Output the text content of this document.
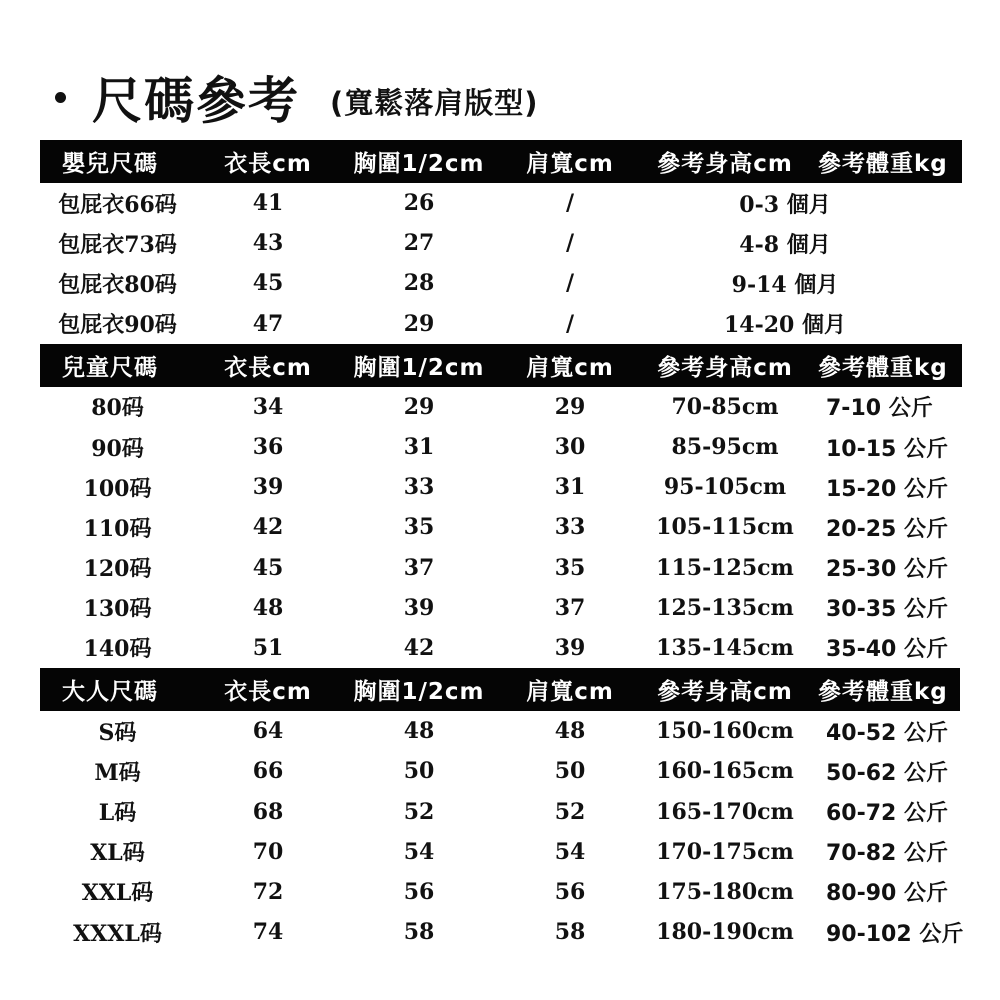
尺碼參考 (寬鬆落肩版型)
嬰兒尺碼	衣長cm	胸圍1/2cm	肩寬cm	參考身高cm	參考體重kg
包屁衣66码	41	26	/	0-3 個月
包屁衣73码	43	27	/	4-8 個月
包屁衣80码	45	28	/	9-14 個月
包屁衣90码	47	29	/	14-20 個月
兒童尺碼	衣長cm	胸圍1/2cm	肩寬cm	參考身高cm	參考體重kg
80码	34	29	29	70-85cm	7-10 公斤
90码	36	31	30	85-95cm	10-15 公斤
100码	39	33	31	95-105cm	15-20 公斤
110码	42	35	33	105-115cm	20-25 公斤
120码	45	37	35	115-125cm	25-30 公斤
130码	48	39	37	125-135cm	30-35 公斤
140码	51	42	39	135-145cm	35-40 公斤
大人尺碼	衣長cm	胸圍1/2cm	肩寬cm	參考身高cm	參考體重kg
S码	64	48	48	150-160cm	40-52 公斤
M码	66	50	50	160-165cm	50-62 公斤
L码	68	52	52	165-170cm	60-72 公斤
XL码	70	54	54	170-175cm	70-82 公斤
XXL码	72	56	56	175-180cm	80-90 公斤
XXXL码	74	58	58	180-190cm	90-102 公斤
